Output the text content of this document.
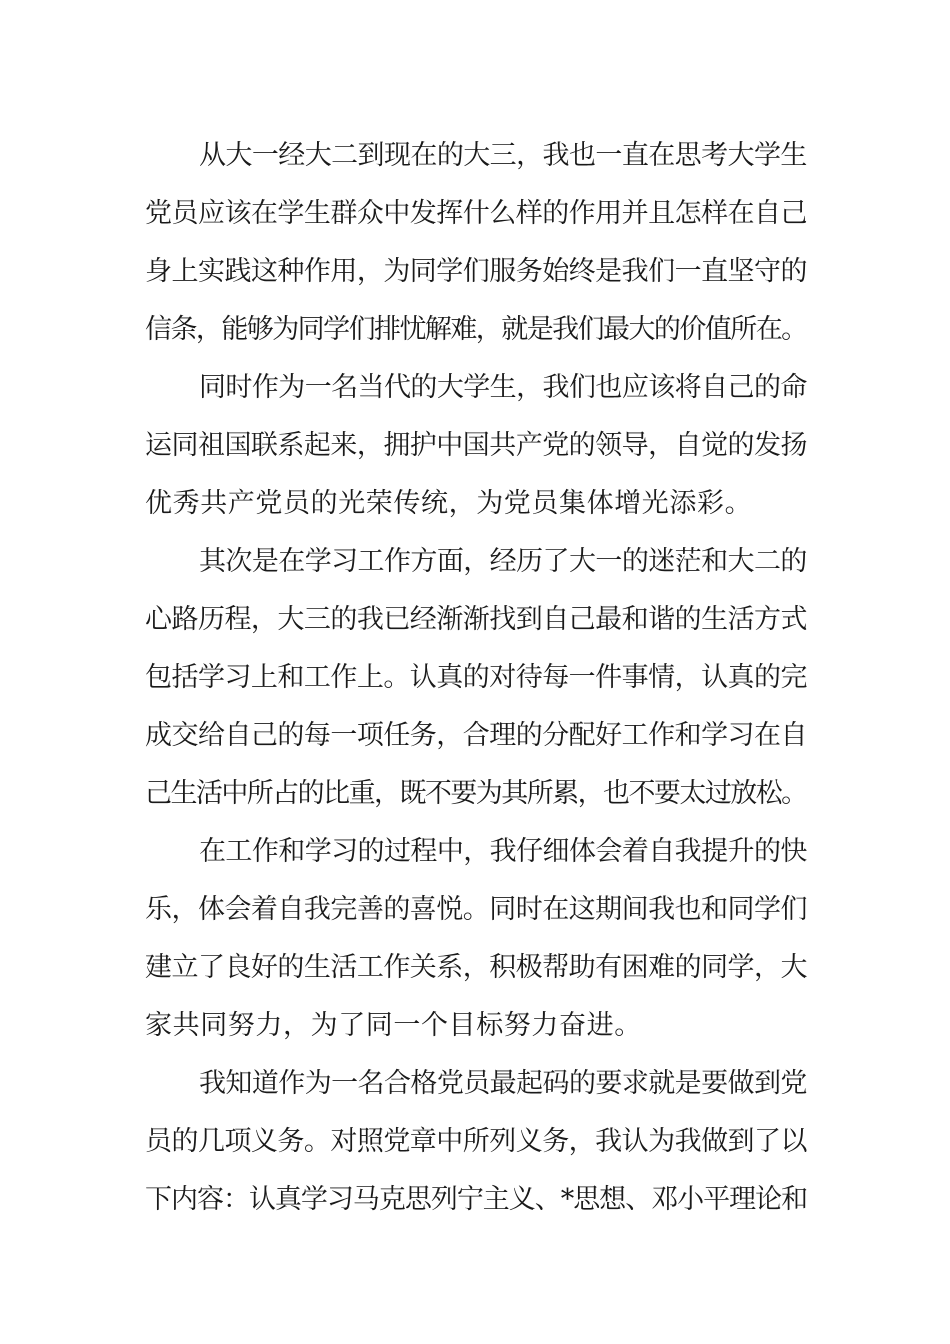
从大一经大二到现在的大三，我也一直在思考大学生
党员应该在学生群众中发挥什么样的作用并且怎样在自己
身上实践这种作用，为同学们服务始终是我们一直坚守的
信条，能够为同学们排忧解难，就是我们最大的价值所在。
同时作为一名当代的大学生，我们也应该将自己的命
运同祖国联系起来，拥护中国共产党的领导，自觉的发扬
优秀共产党员的光荣传统，为党员集体增光添彩。
其次是在学习工作方面，经历了大一的迷茫和大二的
心路历程，大三的我已经渐渐找到自己最和谐的生活方式
包括学习上和工作上。认真的对待每一件事情，认真的完
成交给自己的每一项任务，合理的分配好工作和学习在自
己生活中所占的比重，既不要为其所累，也不要太过放松。
在工作和学习的过程中，我仔细体会着自我提升的快
乐，体会着自我完善的喜悦。同时在这期间我也和同学们
建立了良好的生活工作关系，积极帮助有困难的同学，大
家共同努力，为了同一个目标努力奋进。
我知道作为一名合格党员最起码的要求就是要做到党
员的几项义务。对照党章中所列义务，我认为我做到了以
下内容：认真学习马克思列宁主义、*思想、邓小平理论和
